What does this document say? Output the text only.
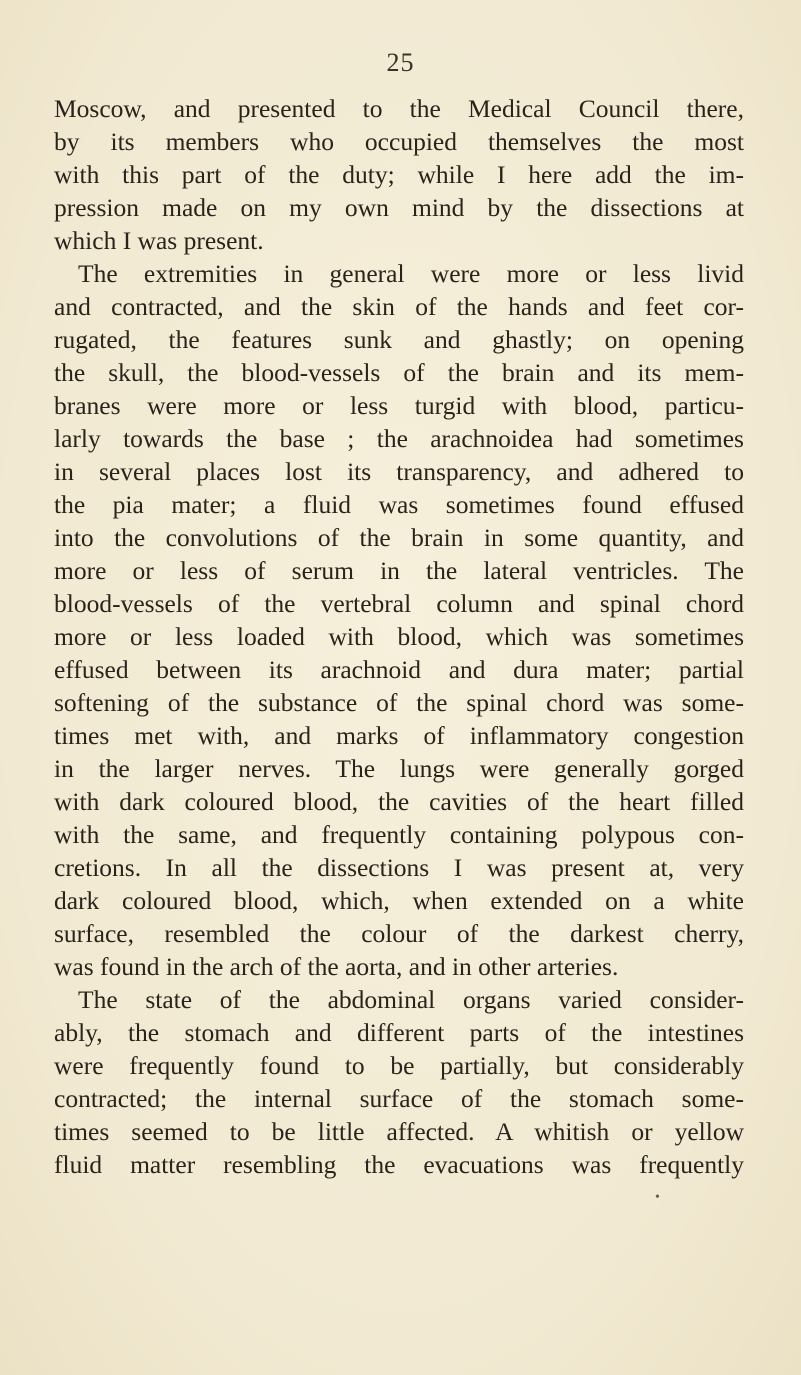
25
Moscow, and presented to the Medical Council there,
by its members who occupied themselves the most
with this part of the duty; while I here add the im-
pression made on my own mind by the dissections at
which I was present.
The extremities in general were more or less livid
and contracted, and the skin of the hands and feet cor-
rugated, the features sunk and ghastly; on opening
the skull, the blood-vessels of the brain and its mem-
branes were more or less turgid with blood, particu-
larly towards the base ; the arachnoidea had sometimes
in several places lost its transparency, and adhered to
the pia mater; a fluid was sometimes found effused
into the convolutions of the brain in some quantity, and
more or less of serum in the lateral ventricles. The
blood-vessels of the vertebral column and spinal chord
more or less loaded with blood, which was sometimes
effused between its arachnoid and dura mater; partial
softening of the substance of the spinal chord was some-
times met with, and marks of inflammatory congestion
in the larger nerves. The lungs were generally gorged
with dark coloured blood, the cavities of the heart filled
with the same, and frequently containing polypous con-
cretions. In all the dissections I was present at, very
dark coloured blood, which, when extended on a white
surface, resembled the colour of the darkest cherry,
was found in the arch of the aorta, and in other arteries.
The state of the abdominal organs varied consider-
ably, the stomach and different parts of the intestines
were frequently found to be partially, but considerably
contracted; the internal surface of the stomach some-
times seemed to be little affected. A whitish or yellow
fluid matter resembling the evacuations was frequently
•
